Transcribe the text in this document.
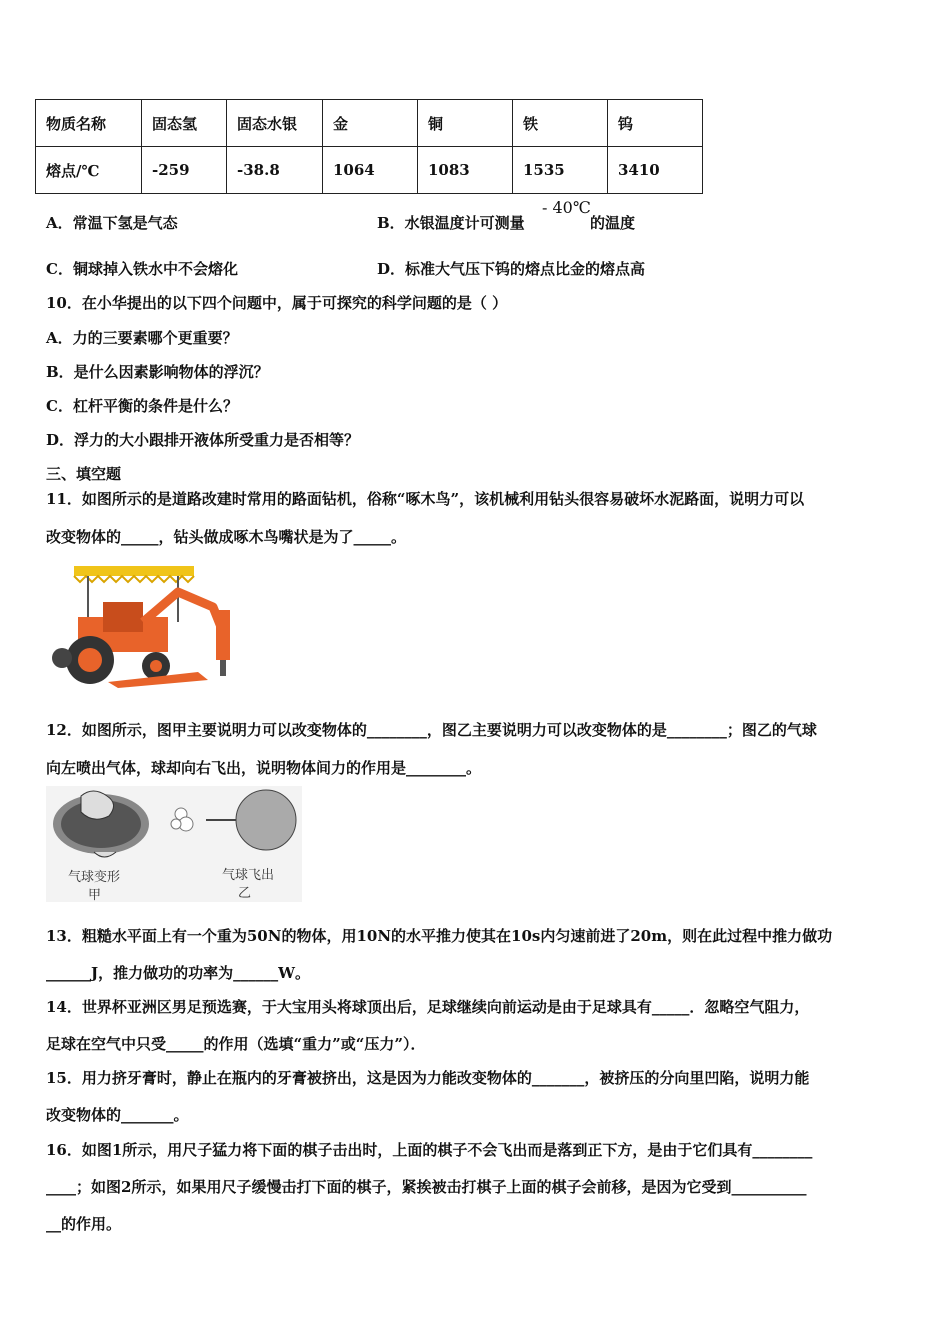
物质名称	固态氢	固态水银	金	铜	铁	钨
熔点/℃	-259	-38.8	1064	1083	1535	3410
A．常温下氢是气态	B．水银温度计可测量
- 40℃
的温度
C．铜球掉入铁水中不会熔化	D．标准大气压下钨的熔点比金的熔点高
10．在小华提出的以下四个问题中，属于可探究的科学问题的是（ ）
A．力的三要素哪个更重要？
B．是什么因素影响物体的浮沉？
C．杠杆平衡的条件是什么？
D．浮力的大小跟排开液体所受重力是否相等？
三、填空题
11．如图所示的是道路改建时常用的路面钻机，俗称“啄木鸟”，该机械利用钻头很容易破坏水泥路面，说明力可以
改变物体的_____，钻头做成啄木鸟嘴状是为了_____。
12．如图所示，图甲主要说明力可以改变物体的________，图乙主要说明力可以改变物体的是________；图乙的气球
向左喷出气体，球却向右飞出，说明物体间力的作用是________。
气球变形
甲
气球飞出
乙
13．粗糙水平面上有一个重为50N的物体，用10N的水平推力使其在10s内匀速前进了20m，则在此过程中推力做功
______J，推力做功的功率为______W。
14．世界杯亚洲区男足预选赛，于大宝用头将球顶出后，足球继续向前运动是由于足球具有_____．忽略空气阻力，
足球在空气中只受_____的作用（选填“重力”或“压力”）．
15．用力挤牙膏时，静止在瓶内的牙膏被挤出，这是因为力能改变物体的_______，被挤压的分向里凹陷，说明力能
改变物体的_______。
16．如图1所示，用尺子猛力将下面的棋子击出时，上面的棋子不会飞出而是落到正下方，是由于它们具有________
____；如图2所示，如果用尺子缓慢击打下面的棋子，紧挨被击打棋子上面的棋子会前移，是因为它受到__________
__的作用。
